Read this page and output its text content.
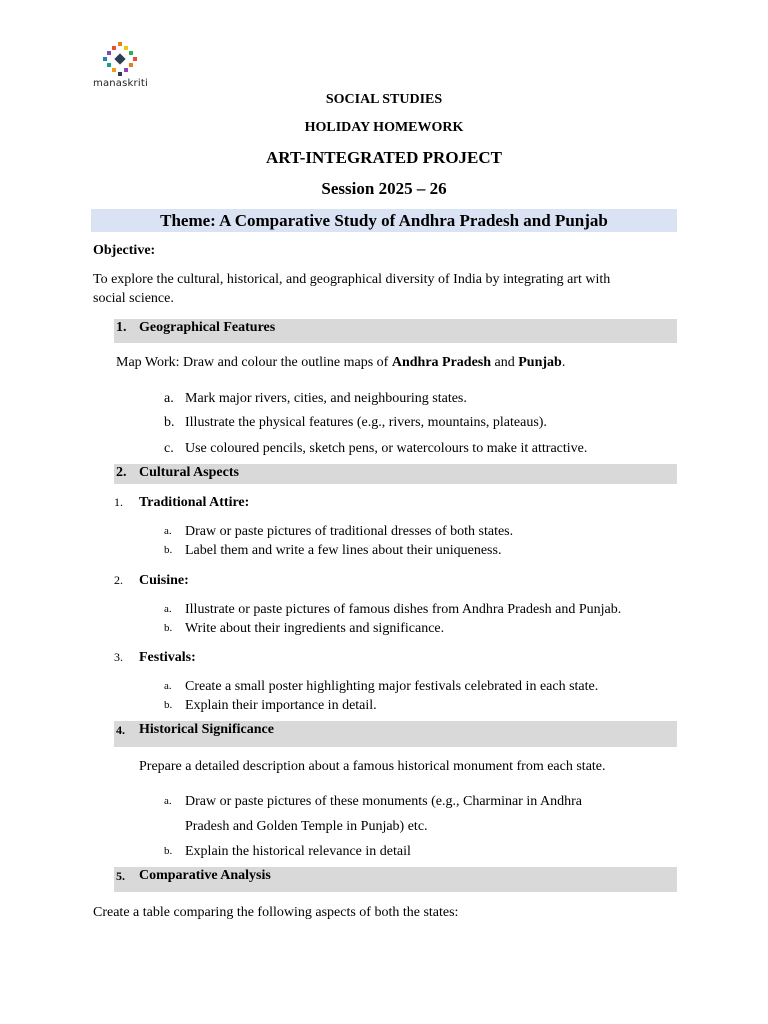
manaskriti
SOCIAL STUDIES
HOLIDAY HOMEWORK
ART-INTEGRATED PROJECT
Session 2025 – 26
Theme: A Comparative Study of Andhra Pradesh and Punjab
Objective:
To explore the cultural, historical, and geographical diversity of India by integrating art with
social science.
1. Geographical Features
Map Work: Draw and colour the outline maps of Andhra Pradesh and Punjab.
a. Mark major rivers, cities, and neighbouring states.
b. Illustrate the physical features (e.g., rivers, mountains, plateaus).
c. Use coloured pencils, sketch pens, or watercolours to make it attractive.
2. Cultural Aspects
1. Traditional Attire:
a. Draw or paste pictures of traditional dresses of both states.
b. Label them and write a few lines about their uniqueness.
2. Cuisine:
a. Illustrate or paste pictures of famous dishes from Andhra Pradesh and Punjab.
b. Write about their ingredients and significance.
3. Festivals:
a. Create a small poster highlighting major festivals celebrated in each state.
b. Explain their importance in detail.
4. Historical Significance
Prepare a detailed description about a famous historical monument from each state.
a. Draw or paste pictures of these monuments (e.g., Charminar in Andhra
Pradesh and Golden Temple in Punjab) etc.
b. Explain the historical relevance in detail
5. Comparative Analysis
Create a table comparing the following aspects of both the states:
